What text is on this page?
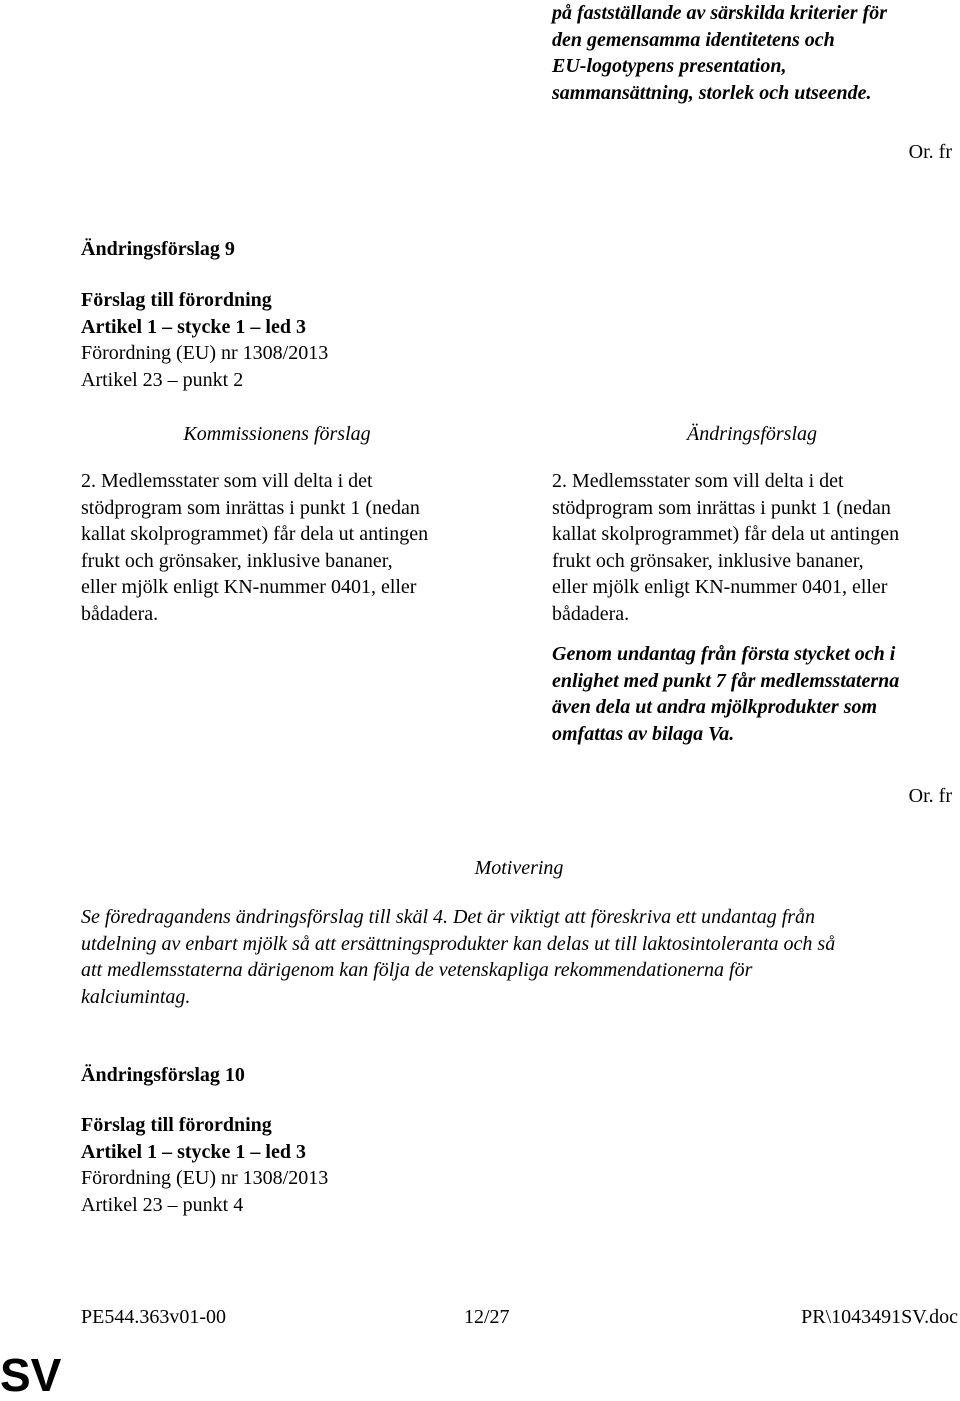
på fastställande av särskilda kriterier för
den gemensamma identitetens och
EU-logotypens presentation,
sammansättning, storlek och utseende.
Or. fr
Ändringsförslag 9
Förslag till förordning
Artikel 1 – stycke 1 – led 3
Förordning (EU) nr 1308/2013
Artikel 23 – punkt 2
Kommissionens förslag	Ändringsförslag
2. Medlemsstater som vill delta i det
stödprogram som inrättas i punkt 1 (nedan
kallat skolprogrammet) får dela ut antingen
frukt och grönsaker, inklusive bananer,
eller mjölk enligt KN-nummer 0401, eller
bådadera.
2. Medlemsstater som vill delta i det
stödprogram som inrättas i punkt 1 (nedan
kallat skolprogrammet) får dela ut antingen
frukt och grönsaker, inklusive bananer,
eller mjölk enligt KN-nummer 0401, eller
bådadera.
Genom undantag från första stycket och i
enlighet med punkt 7 får medlemsstaterna
även dela ut andra mjölkprodukter som
omfattas av bilaga Va.
Or. fr
Motivering
Se föredragandens ändringsförslag till skäl 4. Det är viktigt att föreskriva ett undantag från
utdelning av enbart mjölk så att ersättningsprodukter kan delas ut till laktosintoleranta och så
att medlemsstaterna därigenom kan följa de vetenskapliga rekommendationerna för
kalciumintag.
Ändringsförslag 10
Förslag till förordning
Artikel 1 – stycke 1 – led 3
Förordning (EU) nr 1308/2013
Artikel 23 – punkt 4
PE544.363v01-00	12/27	PR\1043491SV.doc
SV
